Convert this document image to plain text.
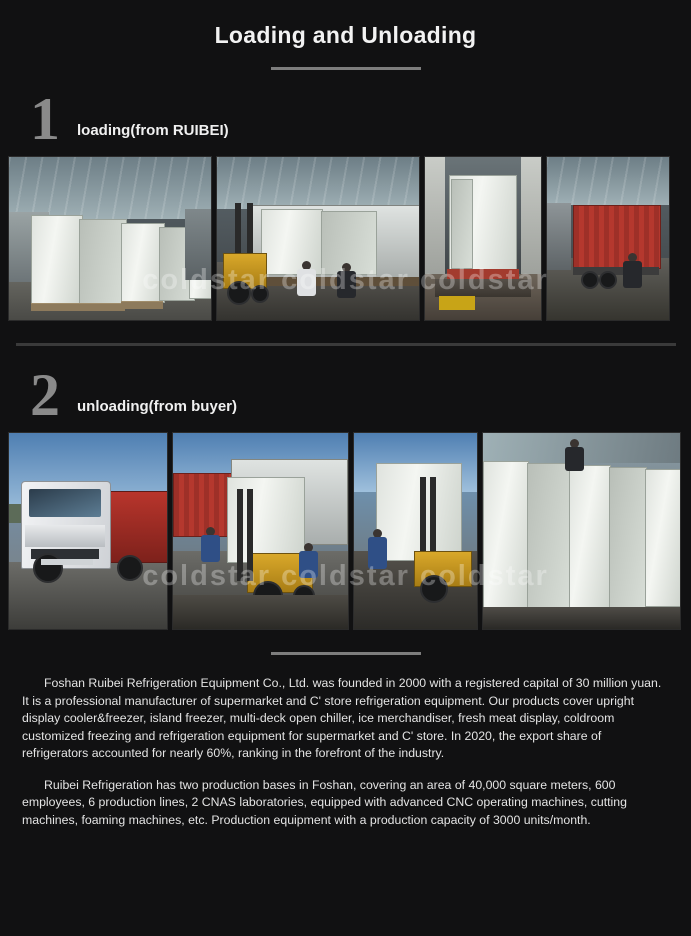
Loading and Unloading
1 loading(from RUIBEI)
coldstar coldstar coldstar
2 unloading(from buyer)
coldstar coldstar coldstar

Foshan Ruibei Refrigeration Equipment Co., Ltd. was founded in 2000 with a registered capital of 30 million yuan. It is a professional manufacturer of supermarket and C' store refrigeration equipment. Our products cover upright display cooler&freezer, island freezer, multi-deck open chiller, ice merchandiser, fresh meat display, coldroom customized freezing and refrigeration equipment for supermarket and C' store. In 2020, the export share of refrigerators accounted for nearly 60%, ranking in the forefront of the industry.

Ruibei Refrigeration has two production bases in Foshan, covering an area of 40,000 square meters, 600 employees, 6 production lines, 2 CNAS laboratories, equipped with advanced CNC operating machines, cutting machines, foaming machines, etc. Production equipment with a production capacity of 3000 units/month.
